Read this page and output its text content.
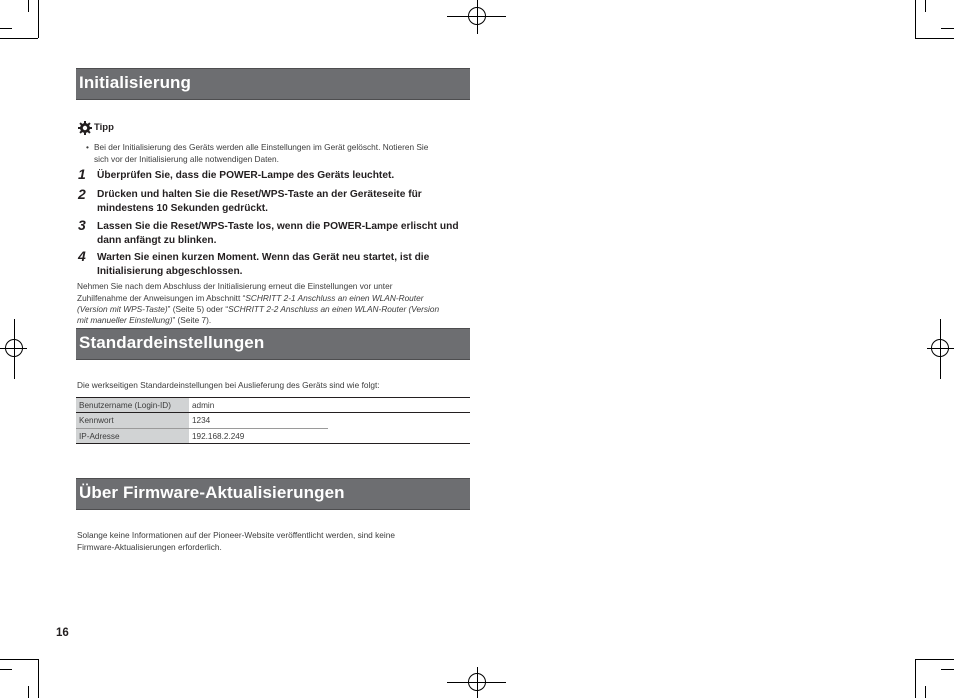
Initialisierung
Tipp
• Bei der Initialisierung des Geräts werden alle Einstellungen im Gerät gelöscht. Notieren Sie
sich vor der Initialisierung alle notwendigen Daten.
1	Überprüfen Sie, dass die POWER-Lampe des Geräts leuchtet.
2	Drücken und halten Sie die Reset/WPS-Taste an der Geräteseite für
mindestens 10 Sekunden gedrückt.
3	Lassen Sie die Reset/WPS-Taste los, wenn die POWER-Lampe erlischt und
dann anfängt zu blinken.
4	Warten Sie einen kurzen Moment. Wenn das Gerät neu startet, ist die
Initialisierung abgeschlossen.
Nehmen Sie nach dem Abschluss der Initialisierung erneut die Einstellungen vor unter
Zuhilfenahme der Anweisungen im Abschnitt “SCHRITT 2-1 Anschluss an einen WLAN-Router
(Version mit WPS-Taste)” (Seite 5) oder “SCHRITT 2-2 Anschluss an einen WLAN-Router (Version
mit manueller Einstellung)” (Seite 7).
Standardeinstellungen
Die werkseitigen Standardeinstellungen bei Auslieferung des Geräts sind wie folgt:
Benutzername (Login-ID)	admin
Kennwort	1234
IP-Adresse	192.168.2.249
Über Firmware-Aktualisierungen
Solange keine Informationen auf der Pioneer-Website veröffentlicht werden, sind keine
Firmware-Aktualisierungen erforderlich.
16
